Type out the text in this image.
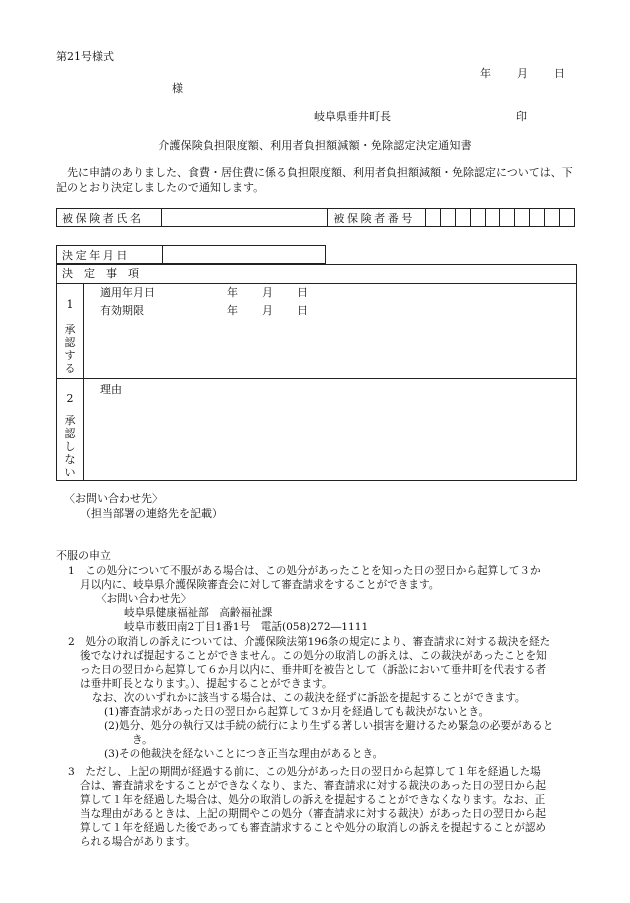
第21号様式
年 月 日
様
岐阜県垂井町長	印
介護保険負担限度額、利用者負担額減額・免除認定決定通知書
先に申請のありました、食費・居住費に係る負担限度額、利用者負担額減額・免除認定については、下記のとおり決定しましたので通知します。
被保険者氏名		被保険者番号										
決定年月日	
決　定　事　項
1
承認する
適用年月日	年 月 日
有効期限	年 月 日
2
承認しない
理由
〈お問い合わせ先〉
（担当部署の連絡先を記載）
不服の申立
1　この処分について不服がある場合は、この処分があったことを知った日の翌日から起算して３か
月以内に、岐阜県介護保険審査会に対して審査請求をすることができます。
〈お問い合わせ先〉
岐阜県健康福祉部　高齢福祉課
岐阜市薮田南2丁目1番1号　電話(058)272―1111
2　処分の取消しの訴えについては、介護保険法第196条の規定により、審査請求に対する裁決を経た
後でなければ提起することができません。この処分の取消しの訴えは、この裁決があったことを知
った日の翌日から起算して６か月以内に、垂井町を被告として（訴訟において垂井町を代表する者
は垂井町長となります。）、提起することができます。
なお、次のいずれかに該当する場合は、この裁決を経ずに訴訟を提起することができます。
(1)審査請求があった日の翌日から起算して３か月を経過しても裁決がないとき。
(2)処分、処分の執行又は手続の続行により生ずる著しい損害を避けるため緊急の必要があると
き。
(3)その他裁決を経ないことにつき正当な理由があるとき。
3　ただし、上記の期間が経過する前に、この処分があった日の翌日から起算して１年を経過した場
合は、審査請求をすることができなくなり、また、審査請求に対する裁決のあった日の翌日から起
算して１年を経過した場合は、処分の取消しの訴えを提起することができなくなります。なお、正
当な理由があるときは、上記の期間やこの処分（審査請求に対する裁決）があった日の翌日から起
算して１年を経過した後であっても審査請求することや処分の取消しの訴えを提起することが認め
られる場合があります。
